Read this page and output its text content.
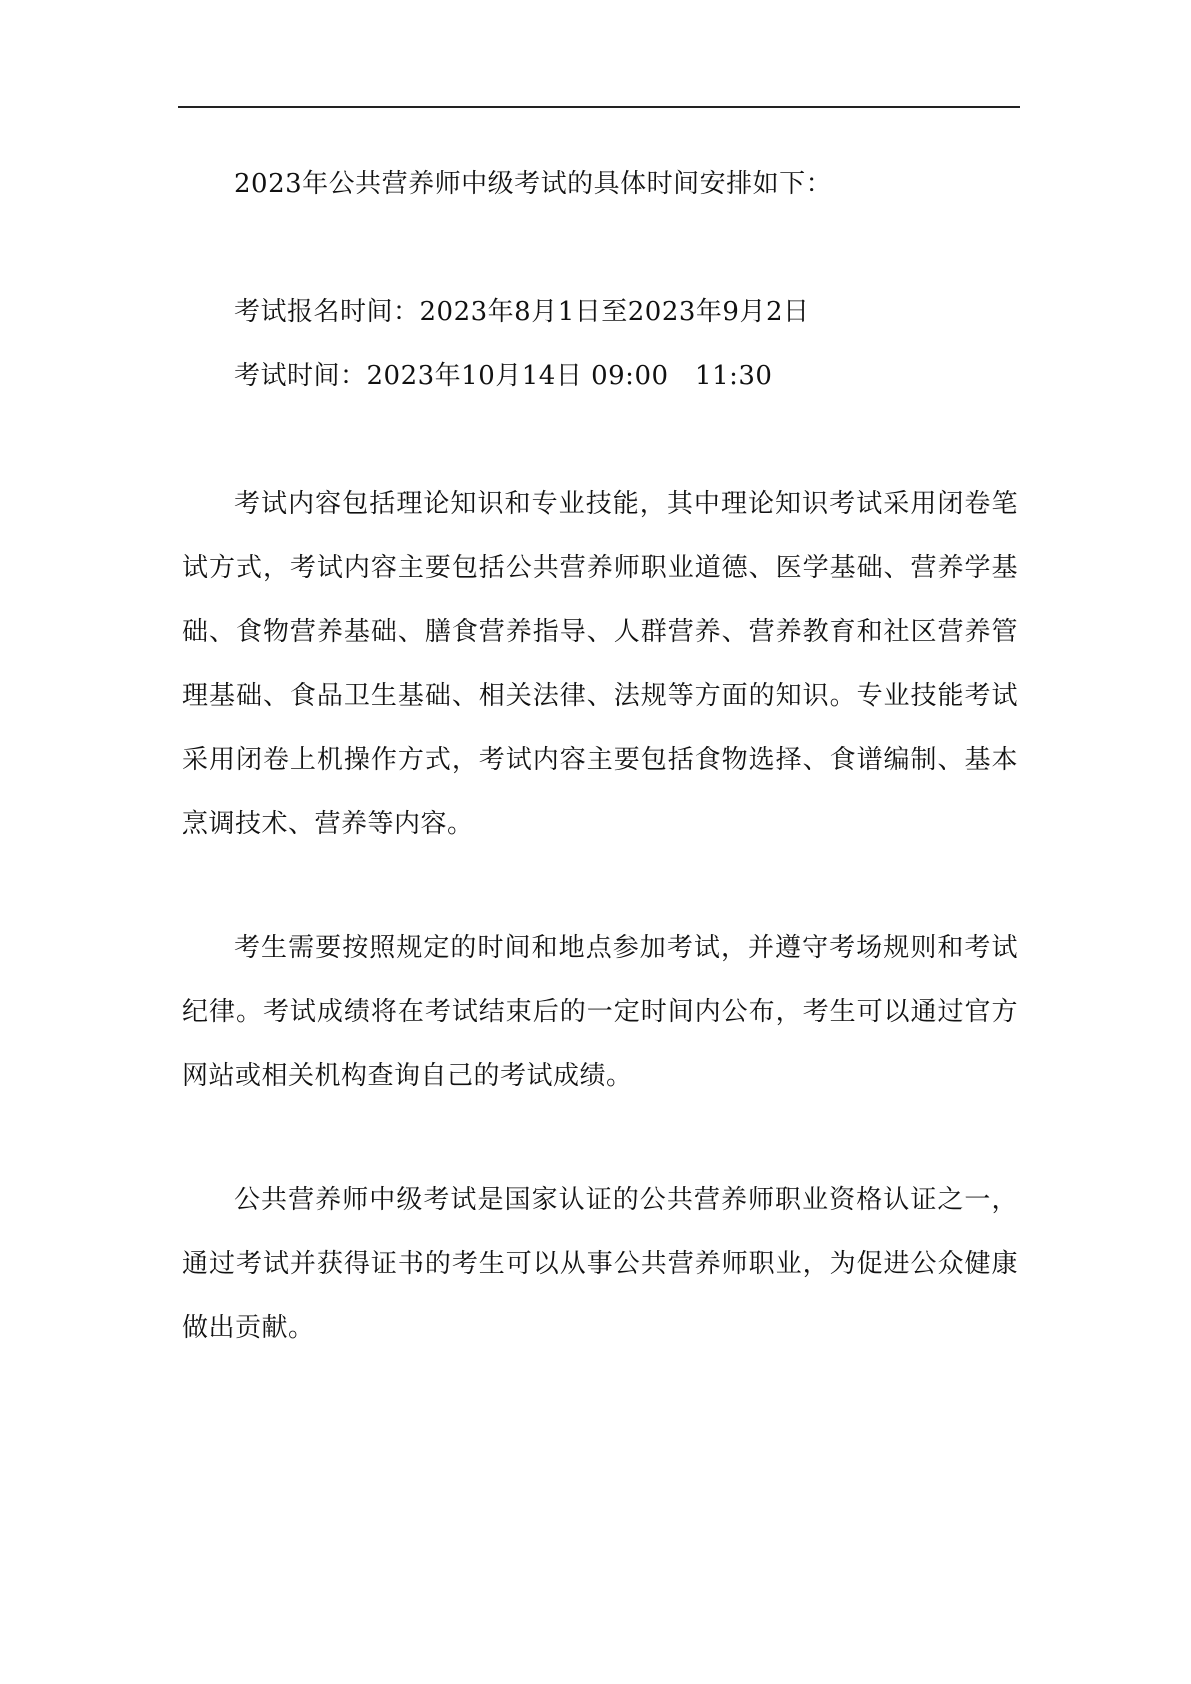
2023年公共营养师中级考试的具体时间安排如下：

考试报名时间：2023年8月1日至2023年9月2日

考试时间：2023年10月14日 09:00　11:30

考试内容包括理论知识和专业技能，其中理论知识考试采用闭卷笔试方式，考试内容主要包括公共营养师职业道德、医学基础、营养学基础、食物营养基础、膳食营养指导、人群营养、营养教育和社区营养管理基础、食品卫生基础、相关法律、法规等方面的知识。专业技能考试采用闭卷上机操作方式，考试内容主要包括食物选择、食谱编制、基本烹调技术、营养等内容。

考生需要按照规定的时间和地点参加考试，并遵守考场规则和考试纪律。考试成绩将在考试结束后的一定时间内公布，考生可以通过官方网站或相关机构查询自己的考试成绩。

公共营养师中级考试是国家认证的公共营养师职业资格认证之一，通过考试并获得证书的考生可以从事公共营养师职业，为促进公众健康做出贡献。
